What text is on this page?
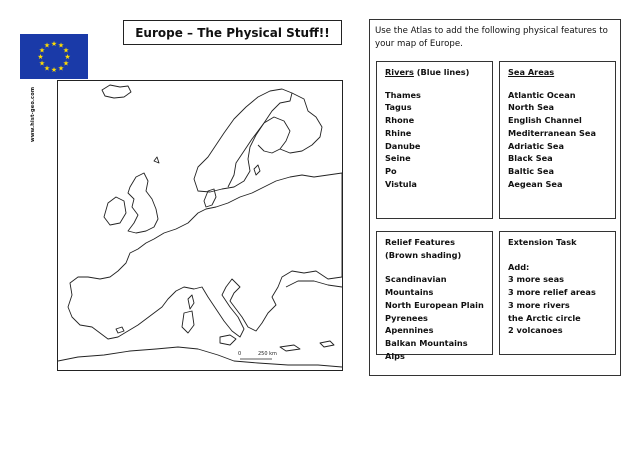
Europe – The Physical Stuff!!
★ ★
★
★
★
★
★
★
★
★
★
★
www.hist-geo.com
0	250 km
Use the Atlas to add the following physical features to your map of Europe.
Rivers (Blue lines)
Thames
Tagus
Rhone
Rhine
Danube
Seine
Po
Vistula
Sea Areas
Atlantic Ocean
North Sea
English Channel
Mediterranean Sea
Adriatic Sea
Black Sea
Baltic Sea
Aegean Sea
Relief Features (Brown shading)
Scandinavian Mountains
North European Plain
Pyrenees
Apennines
Balkan Mountains
Alps
Extension Task
Add:
3 more seas
3 more relief areas
3 more rivers
the Arctic circle
2 volcanoes
